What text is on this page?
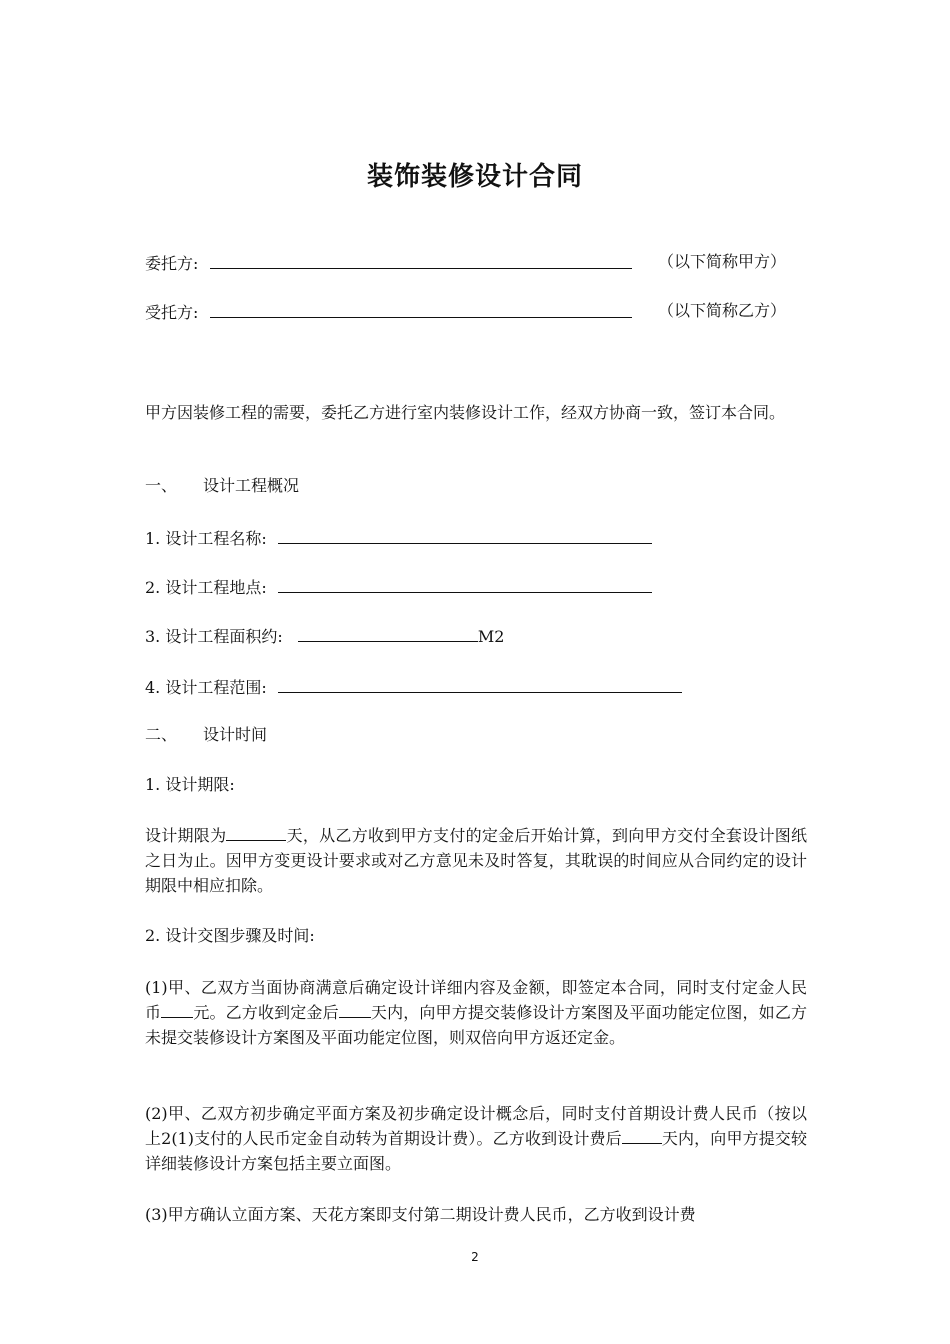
装饰装修设计合同
委托方:	（以下简称甲方）
受托方:	（以下简称乙方）
甲方因装修工程的需要，委托乙方进行室内装修设计工作，经双方协商一致，签订本合同。
一、 设计工程概况
1. 设计工程名称:
2. 设计工程地点:
3. 设计工程面积约:	M2
4. 设计工程范围:
二、 设计时间
1. 设计期限:
设计期限为	天，从乙方收到甲方支付的定金后开始计算，到向甲方交付全套设计图纸之日为止。因甲方变更设计要求或对乙方意见未及时答复，其耽误的时间应从合同约定的设计期限中相应扣除。
2. 设计交图步骤及时间:
(1)甲、乙双方当面协商满意后确定设计详细内容及金额，即签定本合同，同时支付定金人民币 元。乙方收到定金后 天内，向甲方提交装修设计方案图及平面功能定位图，如乙方未提交装修设计方案图及平面功能定位图，则双倍向甲方返还定金。
(2)甲、乙双方初步确定平面方案及初步确定设计概念后，同时支付首期设计费人民币（按以上2(1)支付的人民币定金自动转为首期设计费）。乙方收到设计费后	天内，向甲方提交较详细装修设计方案包括主要立面图。
(3)甲方确认立面方案、天花方案即支付第二期设计费人民币，乙方收到设计费
2
